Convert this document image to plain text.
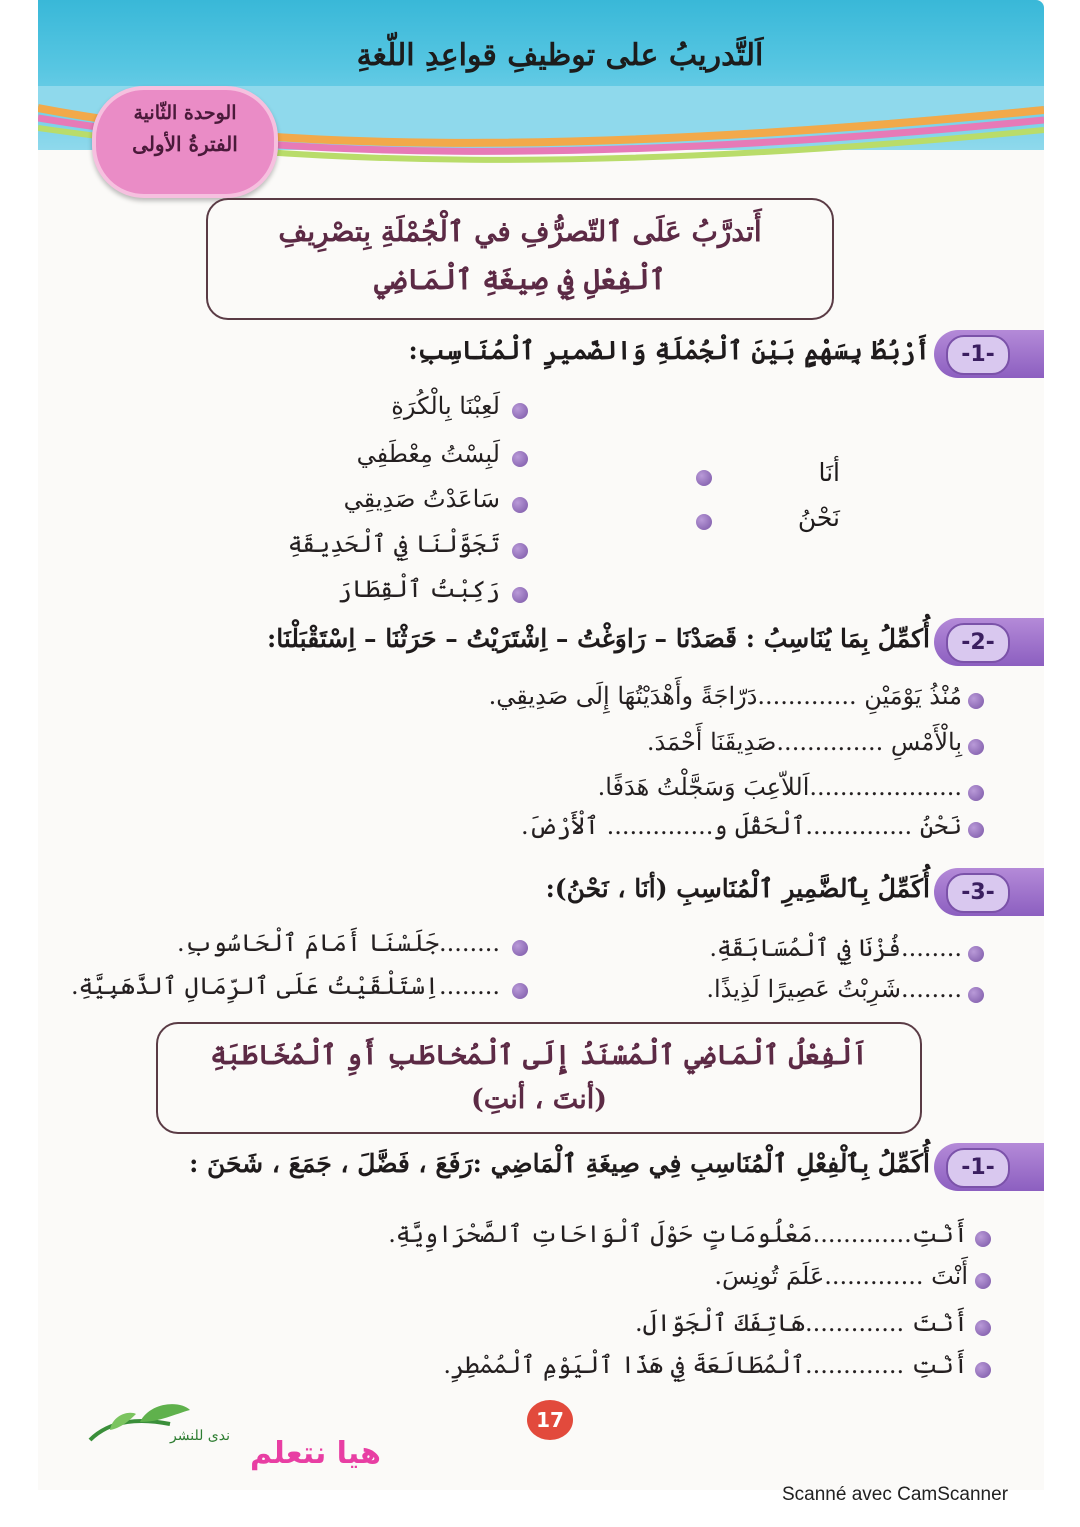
اَلتَّدريبُ على توظيفِ قواعِدِ اللّغةِ
الوحدة الثّانية
الفترةُ الأولى
أَتدرَّبُ عَلَى ٱلتّصرُّفِ في ٱلْجُمْلَةِ بِتصْرِيفِ
ٱلْفِعْلِ فِي صِيغَةِ ٱلْمَاضِي
-1-
أَرْبُطُ بِسَهْمٍ بَيْنَ ٱلْجُمْلَةِ وَالضّميرِ ٱلْمُنَاسِبِ:
لَعِبْنَا بِالْكُرَةِ
لَبِسْتُ مِعْطَفِي
سَاعَدْتُ صَدِيقِي
تَجَوَّلْنَا فِي ٱلْحَدِيقَةِ
رَكِبْتُ ٱلْقِطَارَ
أنَا
نَحْنُ
-2-
أُكمِّلُ بِمَا يُنَاسِبُ : قَصَدْنَا – رَاوَغْتُ – اِشْتَرَيْتُ – حَرَثْنَا – اِسْتَقْبَلْنَا:
مُنْذُ يَوْمَيْنِ .............دَرّاجَةً وأَهْدَيْتُهَا إِلَى صَدِيقِي.
بِالْأَمْسِ ..............صَدِيقَنَا أَحْمَدَ.
....................اَللاّعِبَ وَسَجَّلْتُ هَدَفًا.
نَحْنُ ..............ٱلْحَقْلَ و.............. ٱلْأَرْضَ.
-3-
أُكَمِّلُ بِٱلضَّمِيرِ ٱلْمُنَاسِبِ (أنَا ، نَحْنُ):
........فُزْنَا فِي ٱلْمُسَابَقَةِ.
........شَرِبْتُ عَصِيرًا لَذِيذًا.
........جَلَسْنَا أَمَامَ ٱلْحَاسُوبِ.
........اِسْتَلْقَيْتُ عَلَى ٱلرِّمَالِ ٱلذَّهَبِيَّةِ.
اَلْفِعْلُ ٱلْمَاضِي ٱلْمُسْنَدُ إِلَى ٱلْمُخاطَبِ أَوِ ٱلْمُخَاطَبَةِ
(أنتَ ، أنتِ)
-1-
أُكَمِّلُ بِٱلْفِعْلِ ٱلْمُنَاسِبِ فِي صِيغَةِ ٱلْمَاضِي :رَفَعَ ، فَضَّلَ ، جَمَعَ ، شَحَنَ :
أَنْتِ.............مَعْلُومَاتٍ حَوْلَ ٱلْوَاحَاتِ ٱلصَّحْرَاوِيَّةِ.
أَنْتَ .............عَلَمَ تُونِسَ.
أَنْتَ .............هَاتِفَكَ ٱلْجَوّالَ.
أَنْتِ .............ٱلْمُطَالَعَةَ فِي هَذَا ٱلْيَوْمِ ٱلْمُمْطِرِ.
17
ندى للنشر هيا نتعلم
Scanné avec CamScanner
